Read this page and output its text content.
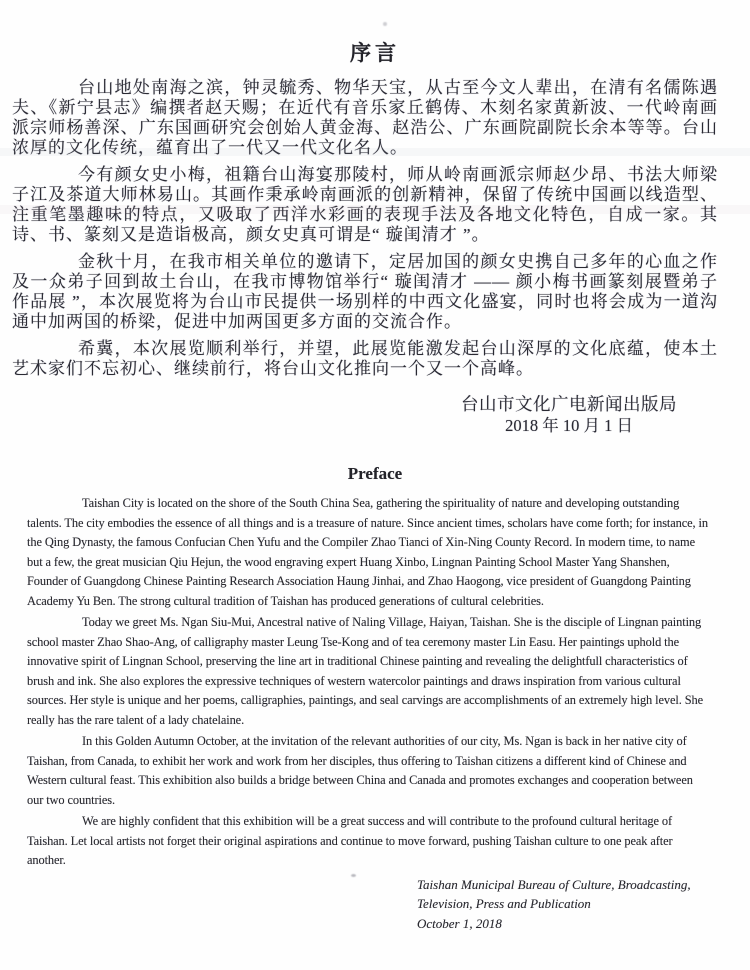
序言

台山地处南海之滨，钟灵毓秀、物华天宝，从古至今文人辈出，在清有名儒陈遇夫、《新宁县志》编撰者赵天赐；在近代有音乐家丘鹤俦、木刻名家黄新波、一代岭南画派宗师杨善深、广东国画研究会创始人黄金海、赵浩公、广东画院副院长余本等等。台山浓厚的文化传统，蕴育出了一代又一代文化名人。

今有颜女史小梅，祖籍台山海宴那陵村，师从岭南画派宗师赵少昂、书法大师梁子江及茶道大师林易山。其画作秉承岭南画派的创新精神，保留了传统中国画以线造型、注重笔墨趣味的特点，又吸取了西洋水彩画的表现手法及各地文化特色，自成一家。其诗、书、篆刻又是造诣极高，颜女史真可谓是“ 璇闺清才 ”。

金秋十月，在我市相关单位的邀请下，定居加国的颜女史携自己多年的心血之作及一众弟子回到故土台山，在我市博物馆举行“ 璇闺清才 —— 颜小梅书画篆刻展暨弟子作品展 ”，本次展览将为台山市民提供一场别样的中西文化盛宴，同时也将会成为一道沟通中加两国的桥梁，促进中加两国更多方面的交流合作。

希冀，本次展览顺利举行，并望，此展览能激发起台山深厚的文化底蕴，使本土艺术家们不忘初心、继续前行，将台山文化推向一个又一个高峰。

台山市文化广电新闻出版局
2018 年 10 月 1 日
Preface

Taishan City is located on the shore of the South China Sea, gathering the spirituality of nature and developing outstanding talents. The city embodies the essence of all things and is a treasure of nature. Since ancient times, scholars have come forth; for instance, in the Qing Dynasty, the famous Confucian Chen Yufu and the Compiler Zhao Tianci of Xin-Ning County Record. In modern time, to name but a few, the great musician Qiu Hejun, the wood engraving expert Huang Xinbo, Lingnan Painting School Master Yang Shanshen, Founder of Guangdong Chinese Painting Research Association Haung Jinhai, and Zhao Haogong, vice president of Guangdong Painting Academy Yu Ben. The strong cultural tradition of Taishan has produced generations of cultural celebrities.

Today we greet Ms. Ngan Siu-Mui, Ancestral native of Naling Village, Haiyan, Taishan. She is the disciple of Lingnan painting school master Zhao Shao-Ang, of calligraphy master Leung Tse-Kong and of tea ceremony master Lin Easu. Her paintings uphold the innovative spirit of Lingnan School, preserving the line art in traditional Chinese painting and revealing the delightfull characteristics of brush and ink. She also explores the expressive techniques of western watercolor paintings and draws inspiration from various cultural sources. Her style is unique and her poems, calligraphies, paintings, and seal carvings are accomplishments of an extremely high level. She really has the rare talent of a lady chatelaine.

In this Golden Autumn October, at the invitation of the relevant authorities of our city, Ms. Ngan is back in her native city of Taishan, from Canada, to exhibit her work and work from her disciples, thus offering to Taishan citizens a different kind of Chinese and Western cultural feast. This exhibition also builds a bridge between China and Canada and promotes exchanges and cooperation between our two countries.

We are highly confident that this exhibition will be a great success and will contribute to the profound cultural heritage of Taishan. Let local artists not forget their original aspirations and continue to move forward, pushing Taishan culture to one peak after another.

Taishan Municipal Bureau of Culture, Broadcasting,
Television, Press and Publication
October 1, 2018
